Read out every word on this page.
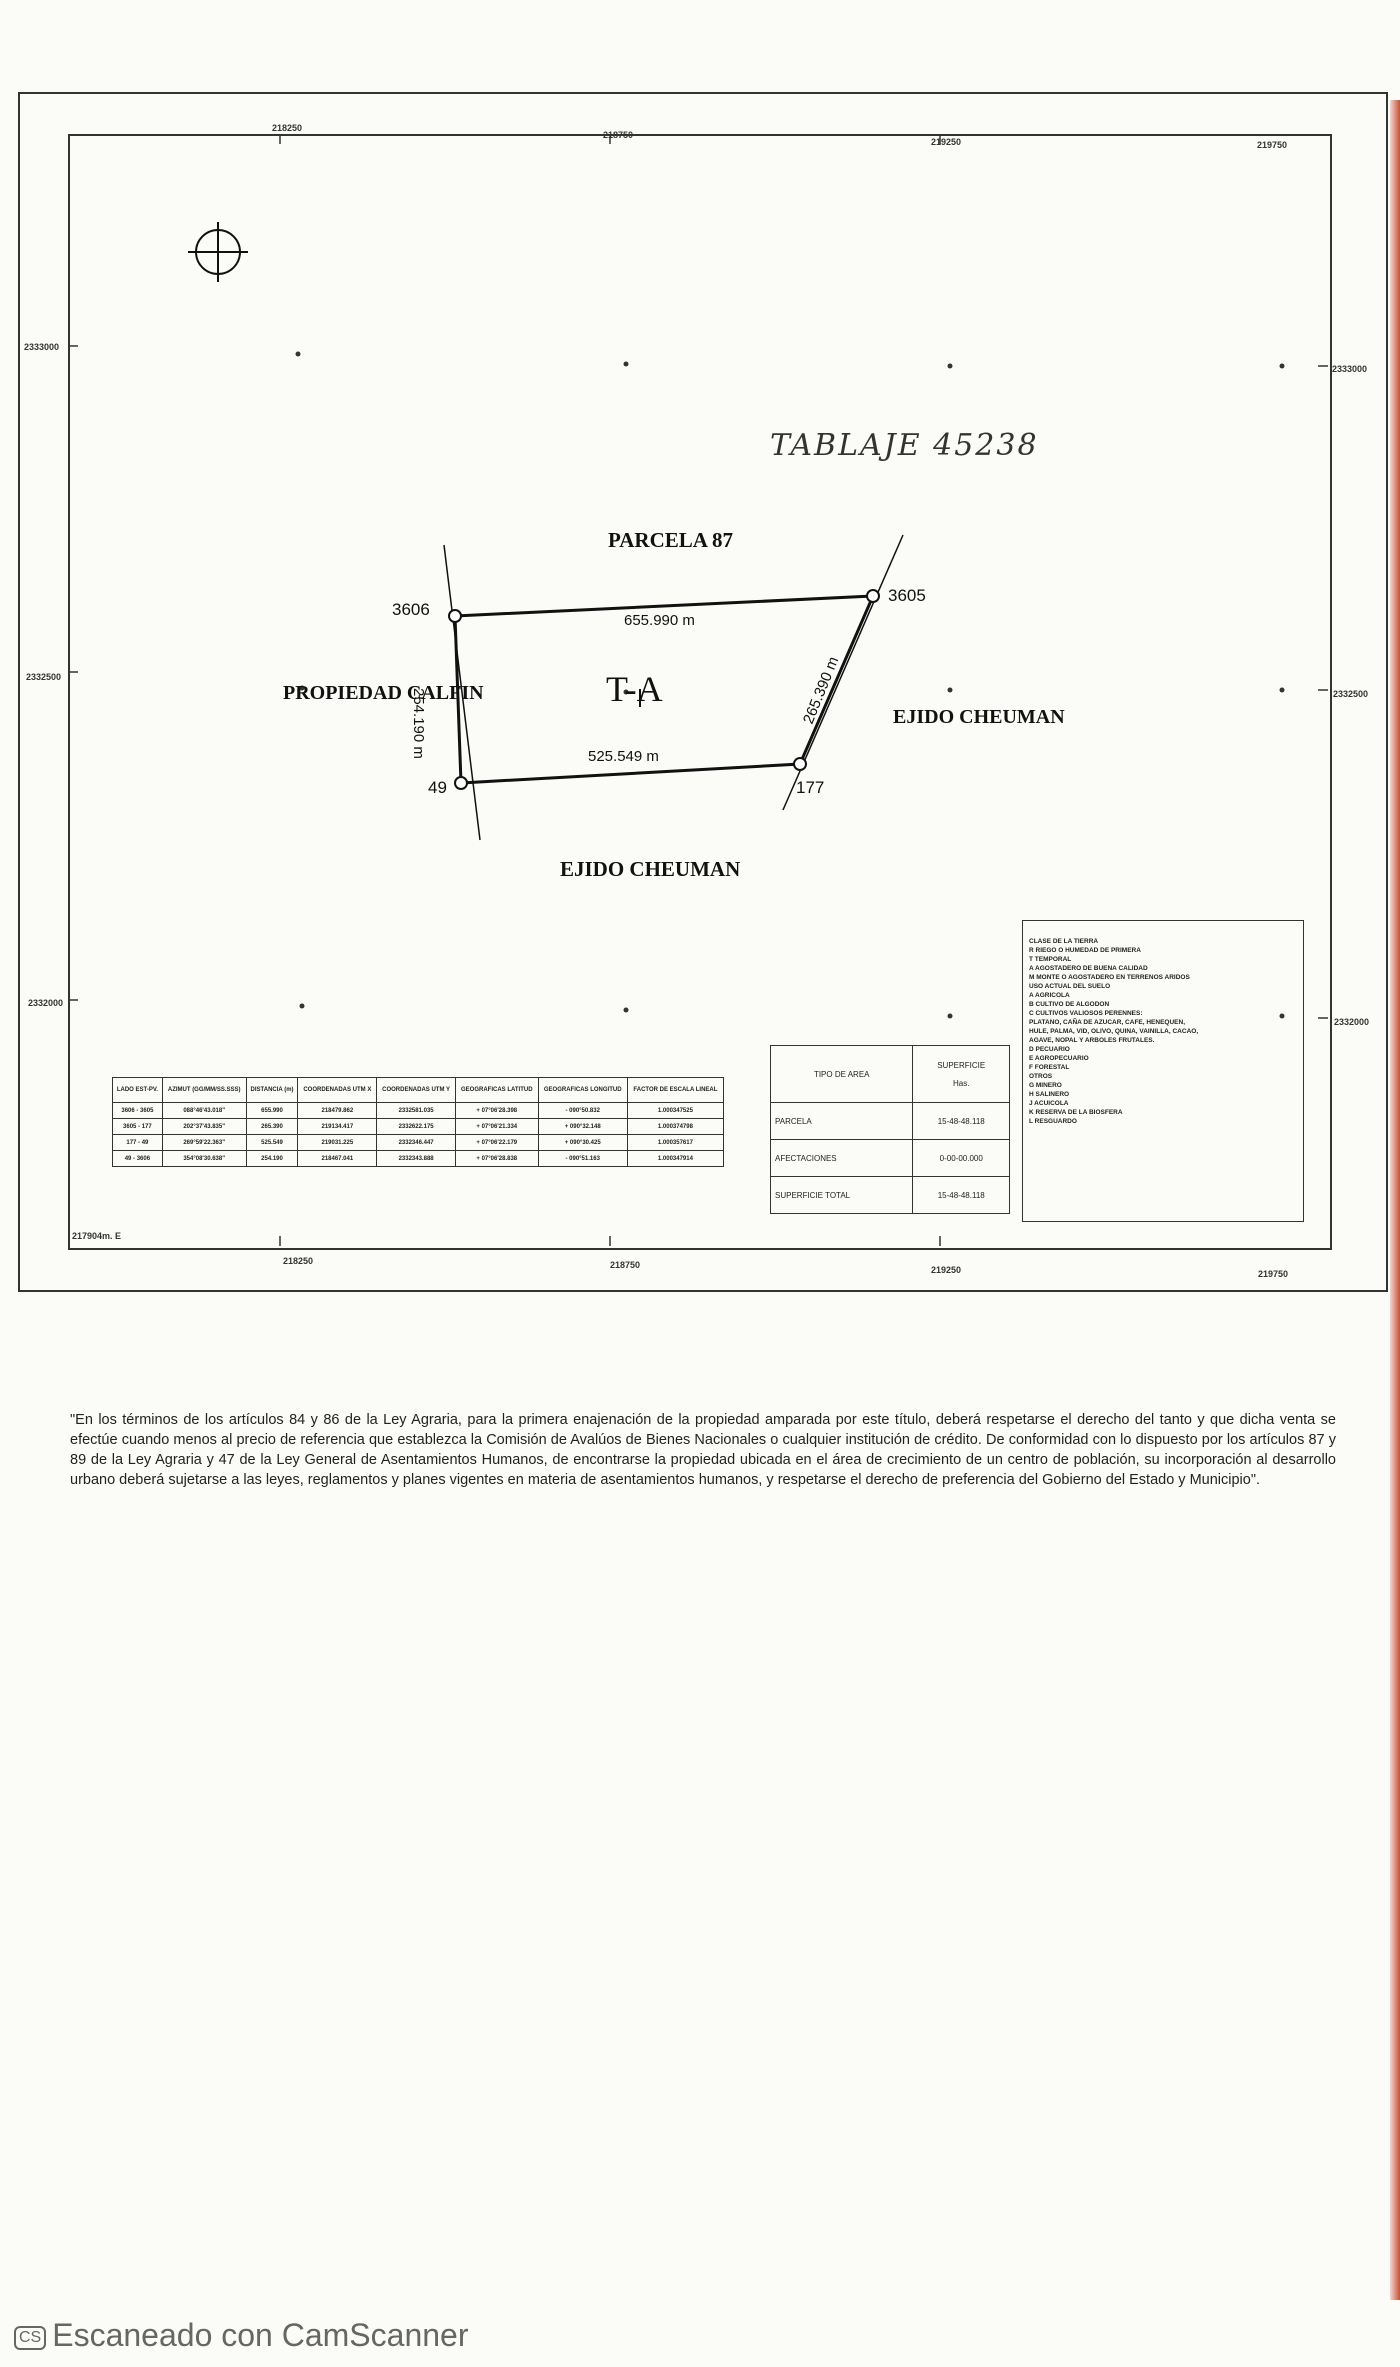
218250
218750
219250	219750
218250	218750	219250	219750
2333000
2332500
2332000
2333000
2332500
2332000
217904m. E
TABLAJE 45238
PARCELA 87
PROPIEDAD CALFIN
EJIDO CHEUMAN
EJIDO CHEUMAN
T-A
3606
3605
177
49
655.990 m
525.549 m
254.190 m	265.390 m
LADO EST-PV.	AZIMUT (GG/MM/SS.SSS)	DISTANCIA (m)	COORDENADAS UTM X	COORDENADAS UTM Y	GEOGRAFICAS LATITUD	GEOGRAFICAS LONGITUD	FACTOR DE ESCALA LINEAL
3606 - 3605	088°46'43.018"	655.990	218479.862	2332581.035	+ 07°06'28.398	- 090°50.832	1.000347525
3605 - 177	202°37'43.835"	265.390	219134.417	2332622.175	+ 07°06'21.334	+ 090°32.148	1.000374798
177 - 49	269°59'22.363"	525.549	219031.225	2332346.447	+ 07°06'22.179	+ 090°30.425	1.000357617
49 - 3606	354°08'30.638"	254.190	218467.041	2332343.888	+ 07°06'28.838	- 090°51.163	1.000347914
TIPO DE AREA	SUPERFICIE

Has.
PARCELA	15-48-48.118
AFECTACIONES	0-00-00.000
SUPERFICIE TOTAL	15-48-48.118
CLASE DE LA TIERRA
R RIEGO O HUMEDAD DE PRIMERA
T TEMPORAL
A AGOSTADERO DE BUENA CALIDAD
M MONTE O AGOSTADERO EN TERRENOS ARIDOS
USO ACTUAL DEL SUELO
A AGRICOLA
B CULTIVO DE ALGODON
C CULTIVOS VALIOSOS PERENNES:
PLATANO, CAÑA DE AZUCAR, CAFE, HENEQUEN,
HULE, PALMA, VID, OLIVO, QUINA, VAINILLA, CACAO,
AGAVE, NOPAL Y ARBOLES FRUTALES.
D PECUARIO
E AGROPECUARIO
F FORESTAL
OTROS
G MINERO
H SALINERO
J ACUICOLA
K RESERVA DE LA BIOSFERA
L RESGUARDO
"En los términos de los artículos 84 y 86 de la Ley Agraria, para la primera enajenación de la propiedad amparada por este título, deberá respetarse el derecho del tanto y que dicha venta se efectúe cuando menos al precio de referencia que establezca la Comisión de Avalúos de Bienes Nacionales o cualquier institución de crédito. De conformidad con lo dispuesto por los artículos 87 y 89 de la Ley Agraria y 47 de la Ley General de Asentamientos Humanos, de encontrarse la propiedad ubicada en el área de crecimiento de un centro de población, su incorporación al desarrollo urbano deberá sujetarse a las leyes, reglamentos y planes vigentes en materia de asentamientos humanos, y respetarse el derecho de preferencia del Gobierno del Estado y Municipio".
CS Escaneado con CamScanner
